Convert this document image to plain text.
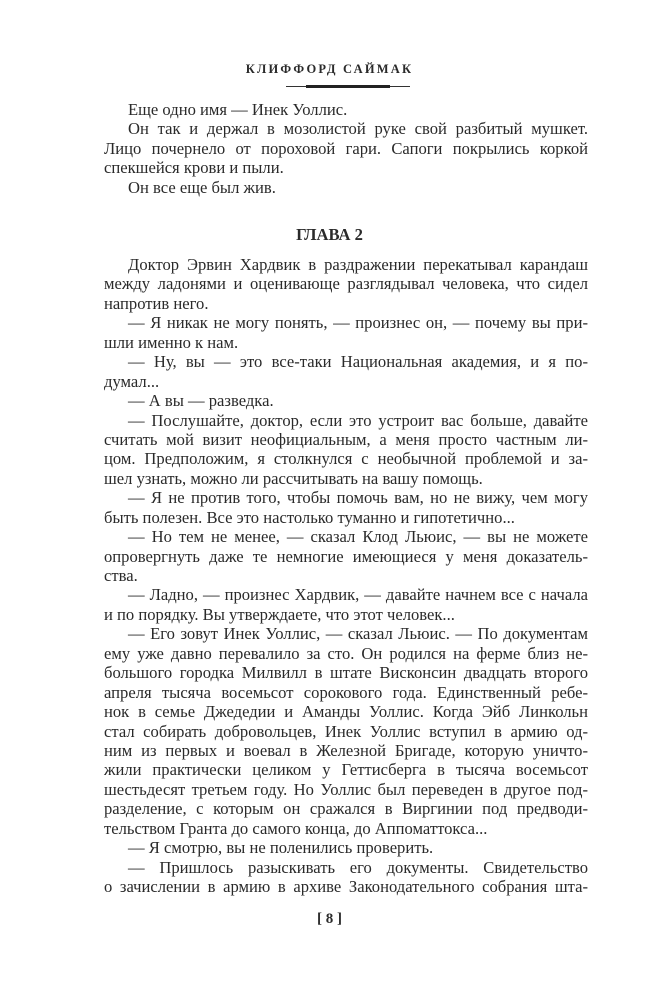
КЛИФФОРД САЙМАК
Еще одно имя — Инек Уоллис.
Он так и держал в мозолистой руке свой разбитый мушкет.
Лицо почернело от пороховой гари. Сапоги покрылись коркой
спекшейся крови и пыли.
Он все еще был жив.
ГЛАВА 2
Доктор Эрвин Хардвик в раздражении перекатывал карандаш
между ладонями и оценивающе разглядывал человека, что сидел
напротив него.
— Я никак не могу понять, — произнес он, — почему вы при-
шли именно к нам.
— Ну, вы — это все-таки Национальная академия, и я по-
думал...
— А вы — разведка.
— Послушайте, доктор, если это устроит вас больше, давайте
считать мой визит неофициальным, а меня просто частным ли-
цом. Предположим, я столкнулся с необычной проблемой и за-
шел узнать, можно ли рассчитывать на вашу помощь.
— Я не против того, чтобы помочь вам, но не вижу, чем могу
быть полезен. Все это настолько туманно и гипотетично...
— Но тем не менее, — сказал Клод Льюис, — вы не можете
опровергнуть даже те немногие имеющиеся у меня доказатель-
ства.
— Ладно, — произнес Хардвик, — давайте начнем все с начала
и по порядку. Вы утверждаете, что этот человек...
— Его зовут Инек Уоллис, — сказал Льюис. — По документам
ему уже давно перевалило за сто. Он родился на ферме близ не-
большого городка Милвилл в штате Висконсин двадцать второго
апреля тысяча восемьсот сорокового года. Единственный ребе-
нок в семье Джедедии и Аманды Уоллис. Когда Эйб Линкольн
стал собирать добровольцев, Инек Уоллис вступил в армию од-
ним из первых и воевал в Железной Бригаде, которую уничто-
жили практически целиком у Геттисберга в тысяча восемьсот
шестьдесят третьем году. Но Уоллис был переведен в другое под-
разделение, с которым он сражался в Виргинии под предводи-
тельством Гранта до самого конца, до Аппоматтокса...
— Я смотрю, вы не поленились проверить.
— Пришлось разыскивать его документы. Свидетельство
о зачислении в армию в архиве Законодательного собрания шта-
[ 8 ]
